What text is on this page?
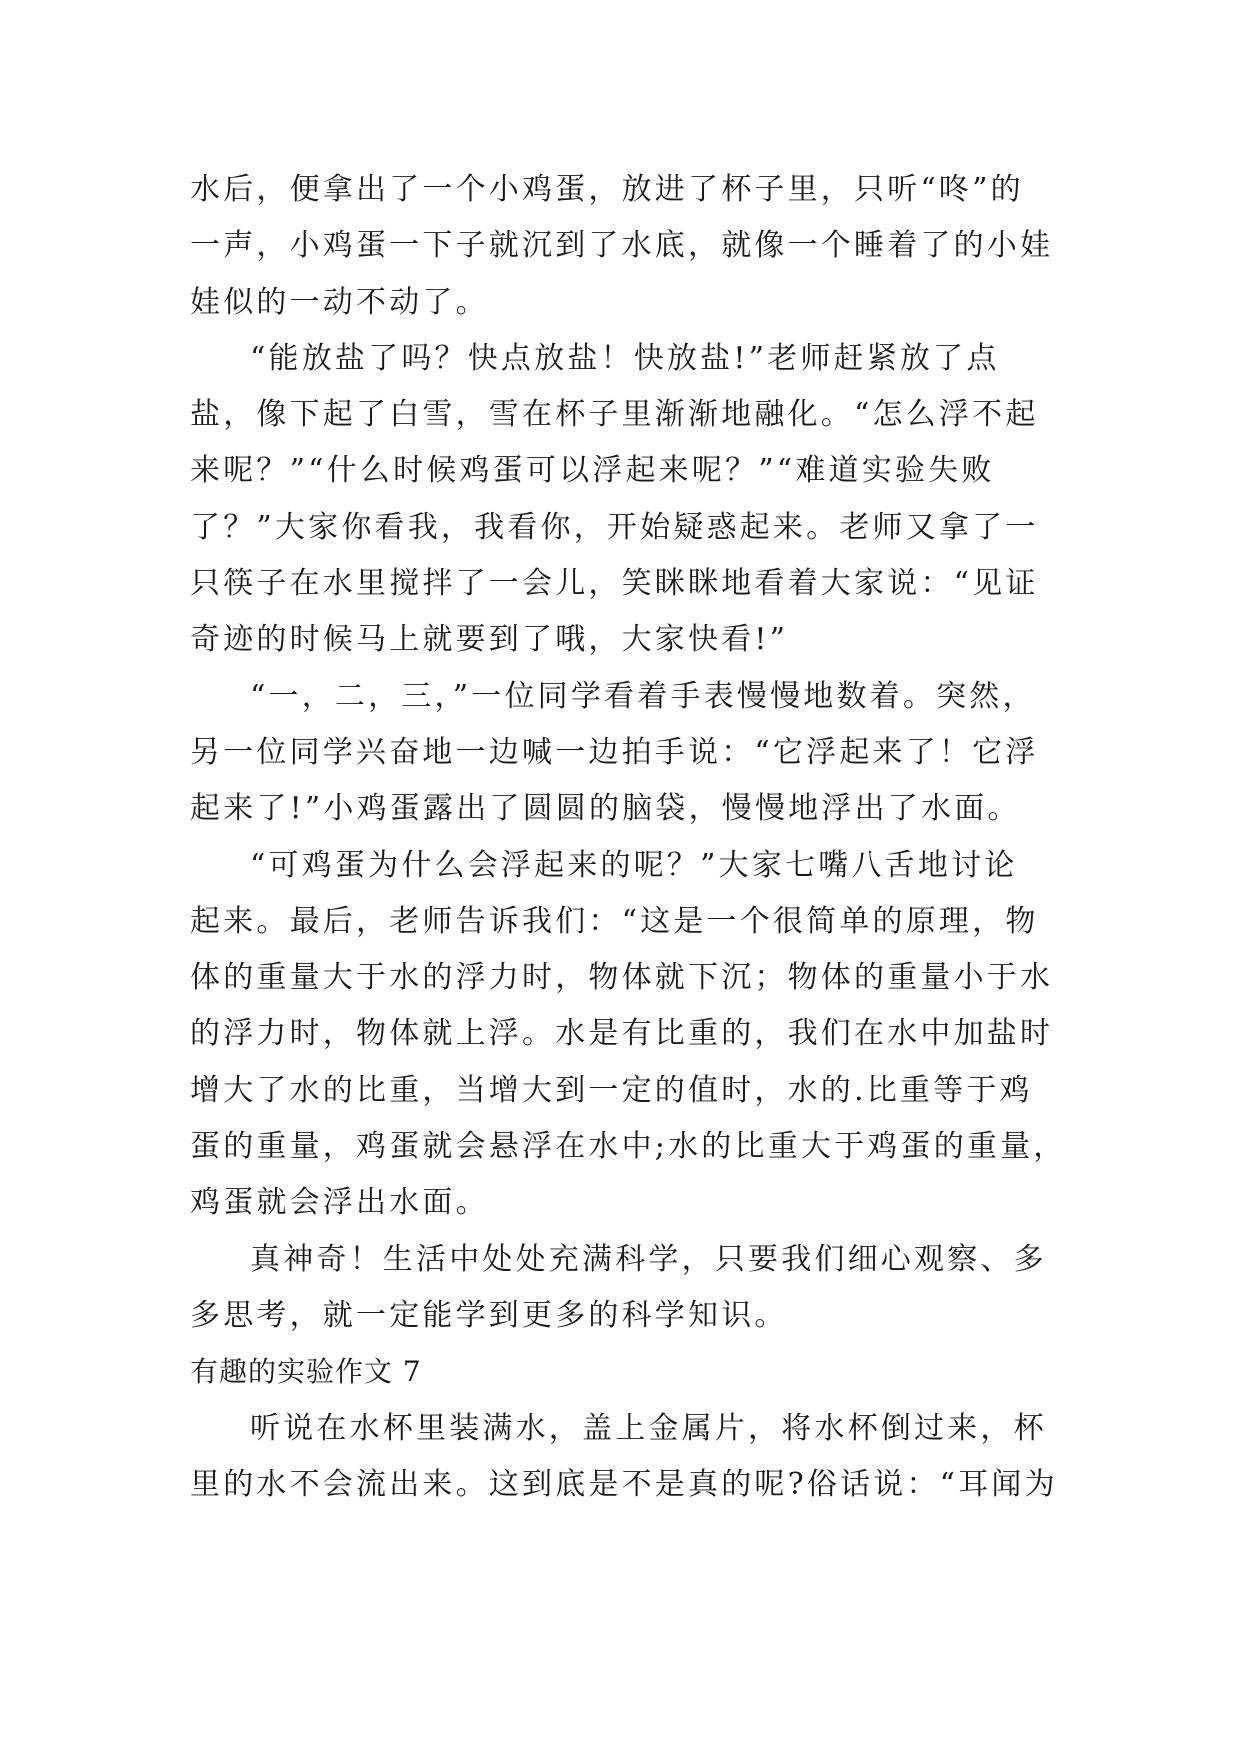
水后，便拿出了一个小鸡蛋，放进了杯子里，只听“咚”的

一声，小鸡蛋一下子就沉到了水底，就像一个睡着了的小娃

娃似的一动不动了。

“能放盐了吗？快点放盐！快放盐!”老师赶紧放了点

盐，像下起了白雪，雪在杯子里渐渐地融化。“怎么浮不起

来呢？”“什么时候鸡蛋可以浮起来呢？”“难道实验失败

了？”大家你看我，我看你，开始疑惑起来。老师又拿了一

只筷子在水里搅拌了一会儿，笑眯眯地看着大家说：“见证

奇迹的时候马上就要到了哦，大家快看!”

“一，二，三，”一位同学看着手表慢慢地数着。突然，

另一位同学兴奋地一边喊一边拍手说：“它浮起来了！它浮

起来了!”小鸡蛋露出了圆圆的脑袋，慢慢地浮出了水面。

“可鸡蛋为什么会浮起来的呢？”大家七嘴八舌地讨论

起来。最后，老师告诉我们：“这是一个很简单的原理，物

体的重量大于水的浮力时，物体就下沉；物体的重量小于水

的浮力时，物体就上浮。水是有比重的，我们在水中加盐时

增大了水的比重，当增大到一定的值时，水的.比重等于鸡

蛋的重量，鸡蛋就会悬浮在水中;水的比重大于鸡蛋的重量，

鸡蛋就会浮出水面。

真神奇！生活中处处充满科学，只要我们细心观察、多

多思考，就一定能学到更多的科学知识。

有趣的实验作文 7

听说在水杯里装满水，盖上金属片，将水杯倒过来，杯

里的水不会流出来。这到底是不是真的呢?俗话说：“耳闻为
